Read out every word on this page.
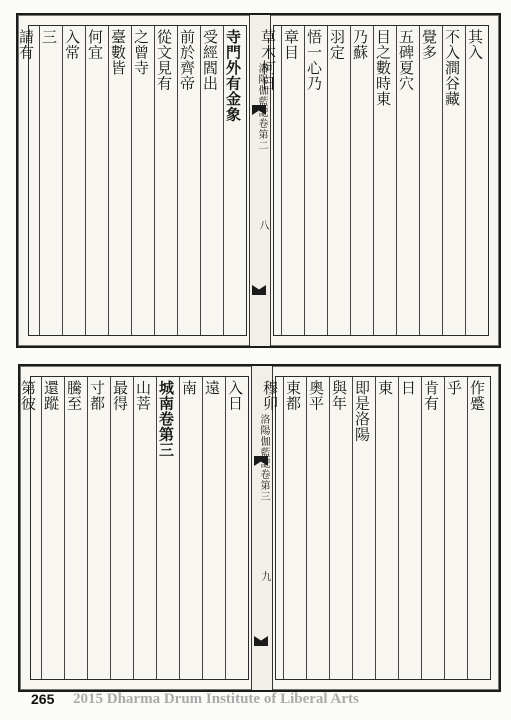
寺門外有金象
受經閻出
前於齊帝
從文見有
之曾寺
臺數皆
何宜
入常
三
請有
洛陽伽藍記卷第二
八
其入
不入澗谷藏
覺多
五碑夏穴
目之數時東
乃蘇
羽定
悟一心乃
章目
草木柯日
入日
遠
南
城南卷第三
山菩
最得
寸都
騰至
還蹤
第彼
洛陽伽藍記卷第三
九
作蹙
乎
肯有
日
東
即是洛陽
與年
奧平
東都
穆卯
265 2015 Dharma Drum Institute of Liberal Arts
